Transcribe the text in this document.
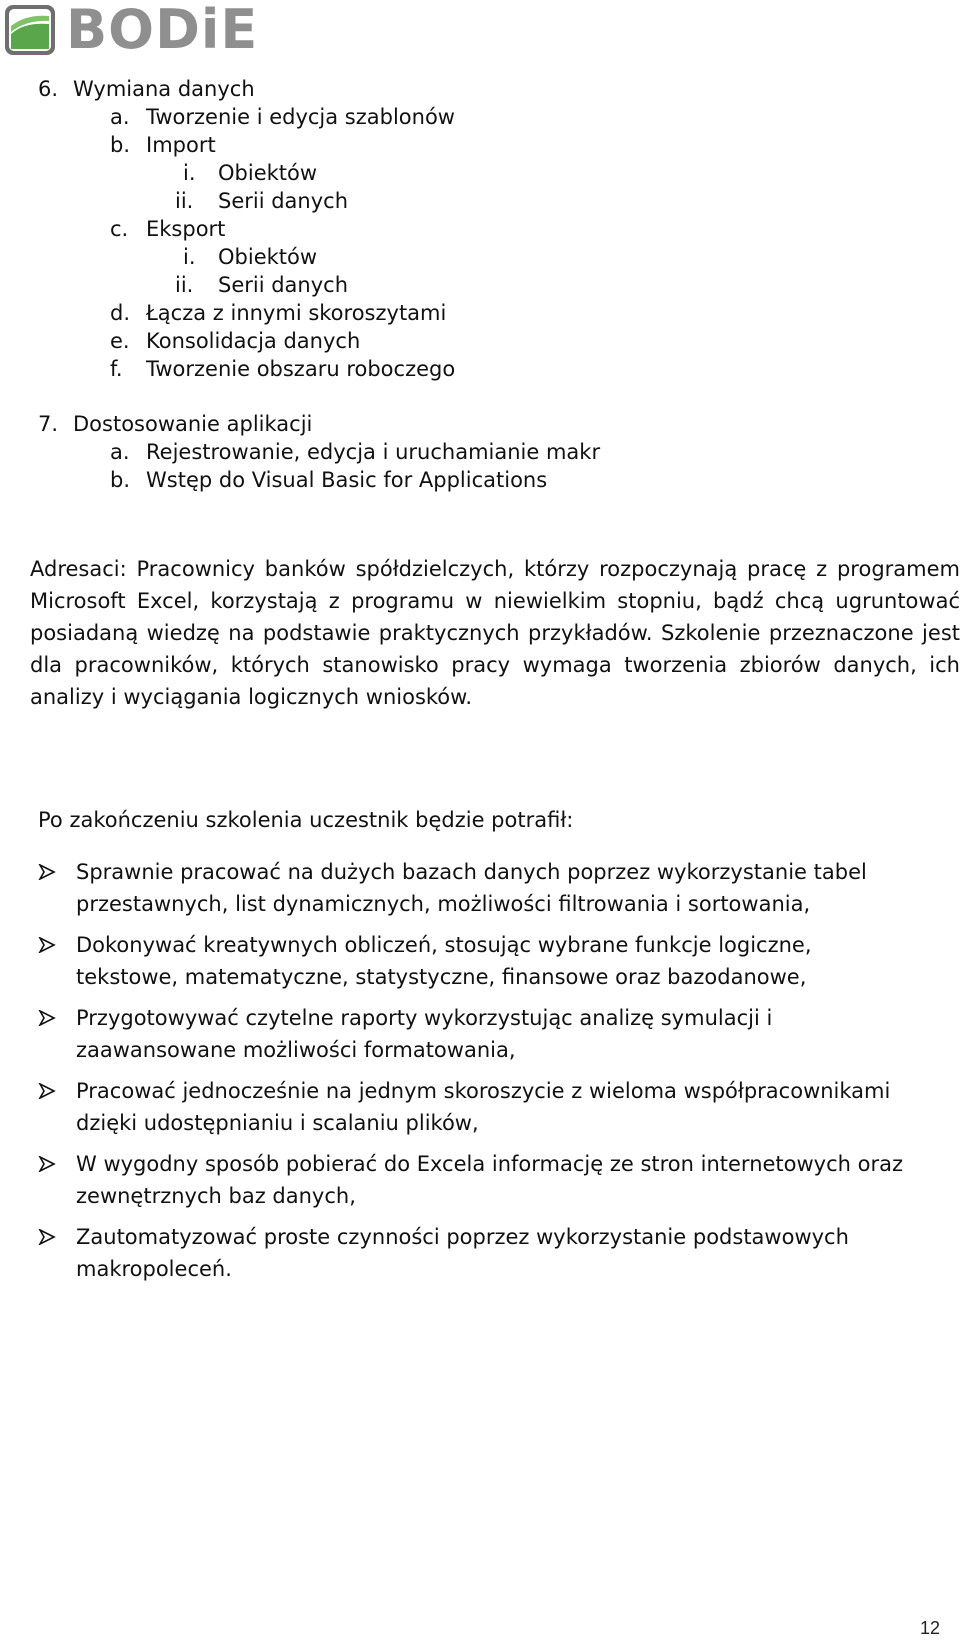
BODiE
6. Wymiana danych
a. Tworzenie i edycja szablonów
b. Import
i. Obiektów
ii. Serii danych
c. Eksport
i. Obiektów
ii. Serii danych
d. Łącza z innymi skoroszytami
e. Konsolidacja danych
f. Tworzenie obszaru roboczego
7. Dostosowanie aplikacji
a. Rejestrowanie, edycja i uruchamianie makr
b. Wstęp do Visual Basic for Applications
Adresaci: Pracownicy banków spółdzielczych, którzy rozpoczynają pracę z programem Microsoft Excel, korzystają z programu w niewielkim stopniu, bądź chcą ugruntować posiadaną wiedzę na podstawie praktycznych przykładów. Szkolenie przeznaczone jest dla pracowników, których stanowisko pracy wymaga tworzenia zbiorów danych, ich analizy i wyciągania logicznych wniosków.
Po zakończeniu szkolenia uczestnik będzie potrafił:
Sprawnie pracować na dużych bazach danych poprzez wykorzystanie tabel przestawnych, list dynamicznych, możliwości filtrowania i sortowania,
Dokonywać kreatywnych obliczeń, stosując wybrane funkcje logiczne, tekstowe, matematyczne, statystyczne, finansowe oraz bazodanowe,
Przygotowywać czytelne raporty wykorzystując analizę symulacji i zaawansowane możliwości formatowania,
Pracować jednocześnie na jednym skoroszycie z wieloma współpracownikami dzięki udostępnianiu i scalaniu plików,
W wygodny sposób pobierać do Excela informację ze stron internetowych oraz zewnętrznych baz danych,
Zautomatyzować proste czynności poprzez wykorzystanie podstawowych makropoleceń.
12
